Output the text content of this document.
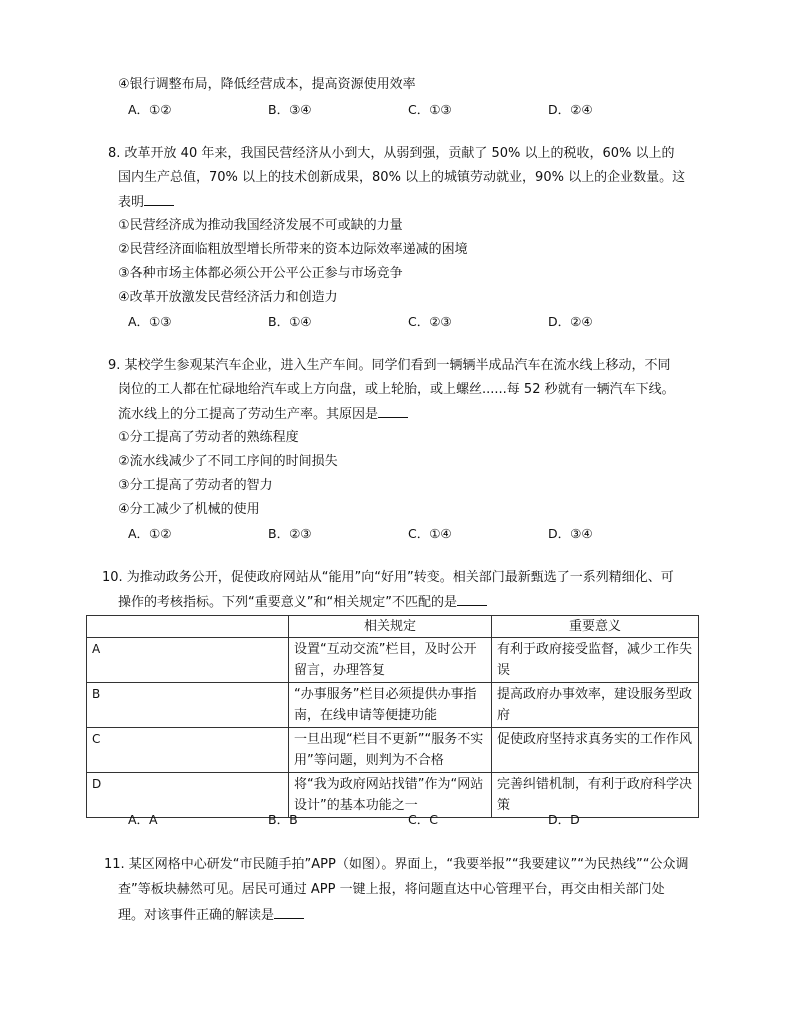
④银行调整布局，降低经营成本，提高资源使用效率
A．①②	B．③④	C．①③	D．②④
8. 改革开放 40 年来，我国民营经济从小到大，从弱到强，贡献了 50% 以上的税收，60% 以上的
国内生产总值，70% 以上的技术创新成果，80% 以上的城镇劳动就业，90% 以上的企业数量。这
表明
①民营经济成为推动我国经济发展不可或缺的力量
②民营经济面临粗放型增长所带来的资本边际效率递减的困境
③各种市场主体都必须公开公平公正参与市场竞争
④改革开放激发民营经济活力和创造力
A．①③	B．①④	C．②③	D．②④
9. 某校学生参观某汽车企业，进入生产车间。同学们看到一辆辆半成品汽车在流水线上移动，不同
岗位的工人都在忙碌地给汽车或上方向盘，或上轮胎，或上螺丝......每 52 秒就有一辆汽车下线。
流水线上的分工提高了劳动生产率。其原因是
①分工提高了劳动者的熟练程度
②流水线减少了不同工序间的时间损失
③分工提高了劳动者的智力
④分工减少了机械的使用
A．①②	B．②③	C．①④	D．③④
10. 为推动政务公开，促使政府网站从“能用”向“好用”转变。相关部门最新甄选了一系列精细化、可
操作的考核指标。下列“重要意义”和“相关规定”不匹配的是
	相关规定	重要意义
A	设置“互动交流”栏目，及时公开留言，办理答复	有利于政府接受监督，减少工作失误
B	“办事服务”栏目必须提供办事指南，在线申请等便捷功能	提高政府办事效率，建设服务型政府
C	一旦出现“栏目不更新”“服务不实用”等问题，则判为不合格	促使政府坚持求真务实的工作作风
D	将“我为政府网站找错”作为“网站设计”的基本功能之一	完善纠错机制，有利于政府科学决策
A．A	B．B	C．C	D．D
11. 某区网格中心研发“市民随手拍”APP（如图）。界面上，“我要举报”“我要建议”“为民热线”“公众调
查”等板块赫然可见。居民可通过 APP 一键上报，将问题直达中心管理平台，再交由相关部门处
理。对该事件正确的解读是
